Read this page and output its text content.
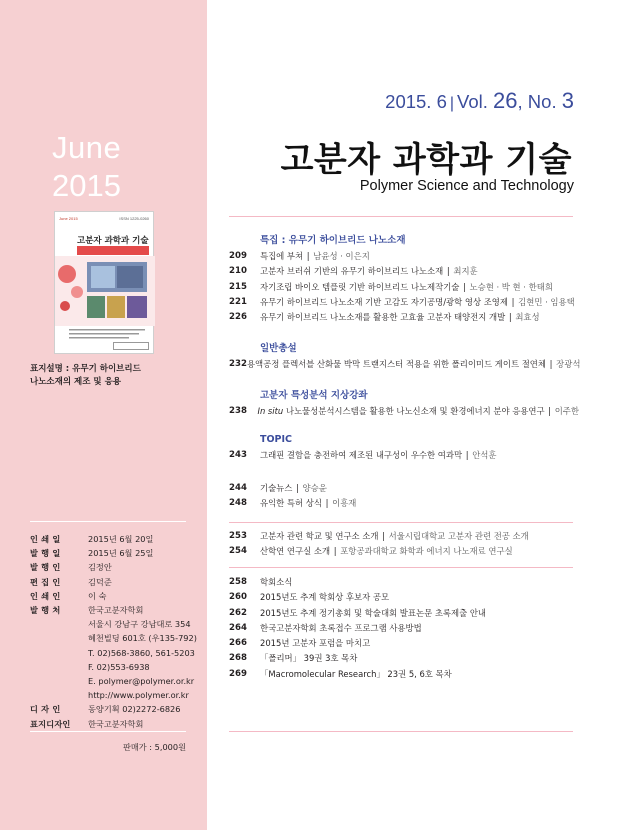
June
2015
June 2015	ISSN 1225-0260
고분자 과학과 기술
표지설명 : 유무기 하이브리드
나노소재의 제조 및 응용
인 쇄 일	2015년 6월 20일
발 행 일	2015년 6월 25일
발 행 인	김정안
편 집 인	김덕준
인 쇄 인	이 숙
발 행 처	한국고분자학회
서울시 강남구 강남대로 354
혜천빌딩 601호 (우135-792)
T. 02)568-3860, 561-5203
F. 02)553-6938
E. polymer@polymer.or.kr
http://www.polymer.or.kr
디 자 인	동양기획 02)2272-6826
표지디자인	한국고분자학회
판매가 : 5,000원
2015. 6 | Vol. 26, No. 3
고분자 과학과 기술
Polymer Science and Technology
특집 : 유무기 하이브리드 나노소재
209	특집에 부쳐 | 남윤성 · 이은지
210	고분자 브러쉬 기반의 유무기 하이브리드 나노소재 | 최지훈
215	자기조립 바이오 템플릿 기반 하이브리드 나노제작기술 | 노승현 · 박 현 · 한태희
221	유무기 하이브리드 나노소재 기반 고감도 자기공명/광학 영상 조영제 | 김현민 · 임용택
226	유무기 하이브리드 나노소재를 활용한 고효율 고분자 태양전지 개발 | 최효성
일반총설
232 용액공정 플렉서블 산화물 박막 트랜지스터 적용을 위한 폴리이미드 게이트 절연체 | 장광석
고분자 특성분석 지상강좌
238	In situ 나노물성분석시스템을 활용한 나노신소재 및 환경에너지 분야 응용연구 | 이주한
TOPIC
243	그래핀 결함을 충전하여 제조된 내구성이 우수한 여과막 | 안석훈
244	기술뉴스 | 양승윤
248	유익한 특허 상식 | 이흥재
253	고분자 관련 학교 및 연구소 소개 | 서울시립대학교 고분자 관련 전공 소개
254	산학연 연구실 소개 | 포항공과대학교 화학과 에너지 나노재료 연구실
258	학회소식
260	2015년도 추계 학회상 후보자 공모
262	2015년도 추계 정기총회 및 학술대회 발표논문 초록제출 안내
264	한국고분자학회 초록접수 프로그램 사용방법
266	2015년 고분자 포럼을 마치고
268	「폴리머」 39권 3호 목차
269	「Macromolecular Research」 23권 5, 6호 목차
